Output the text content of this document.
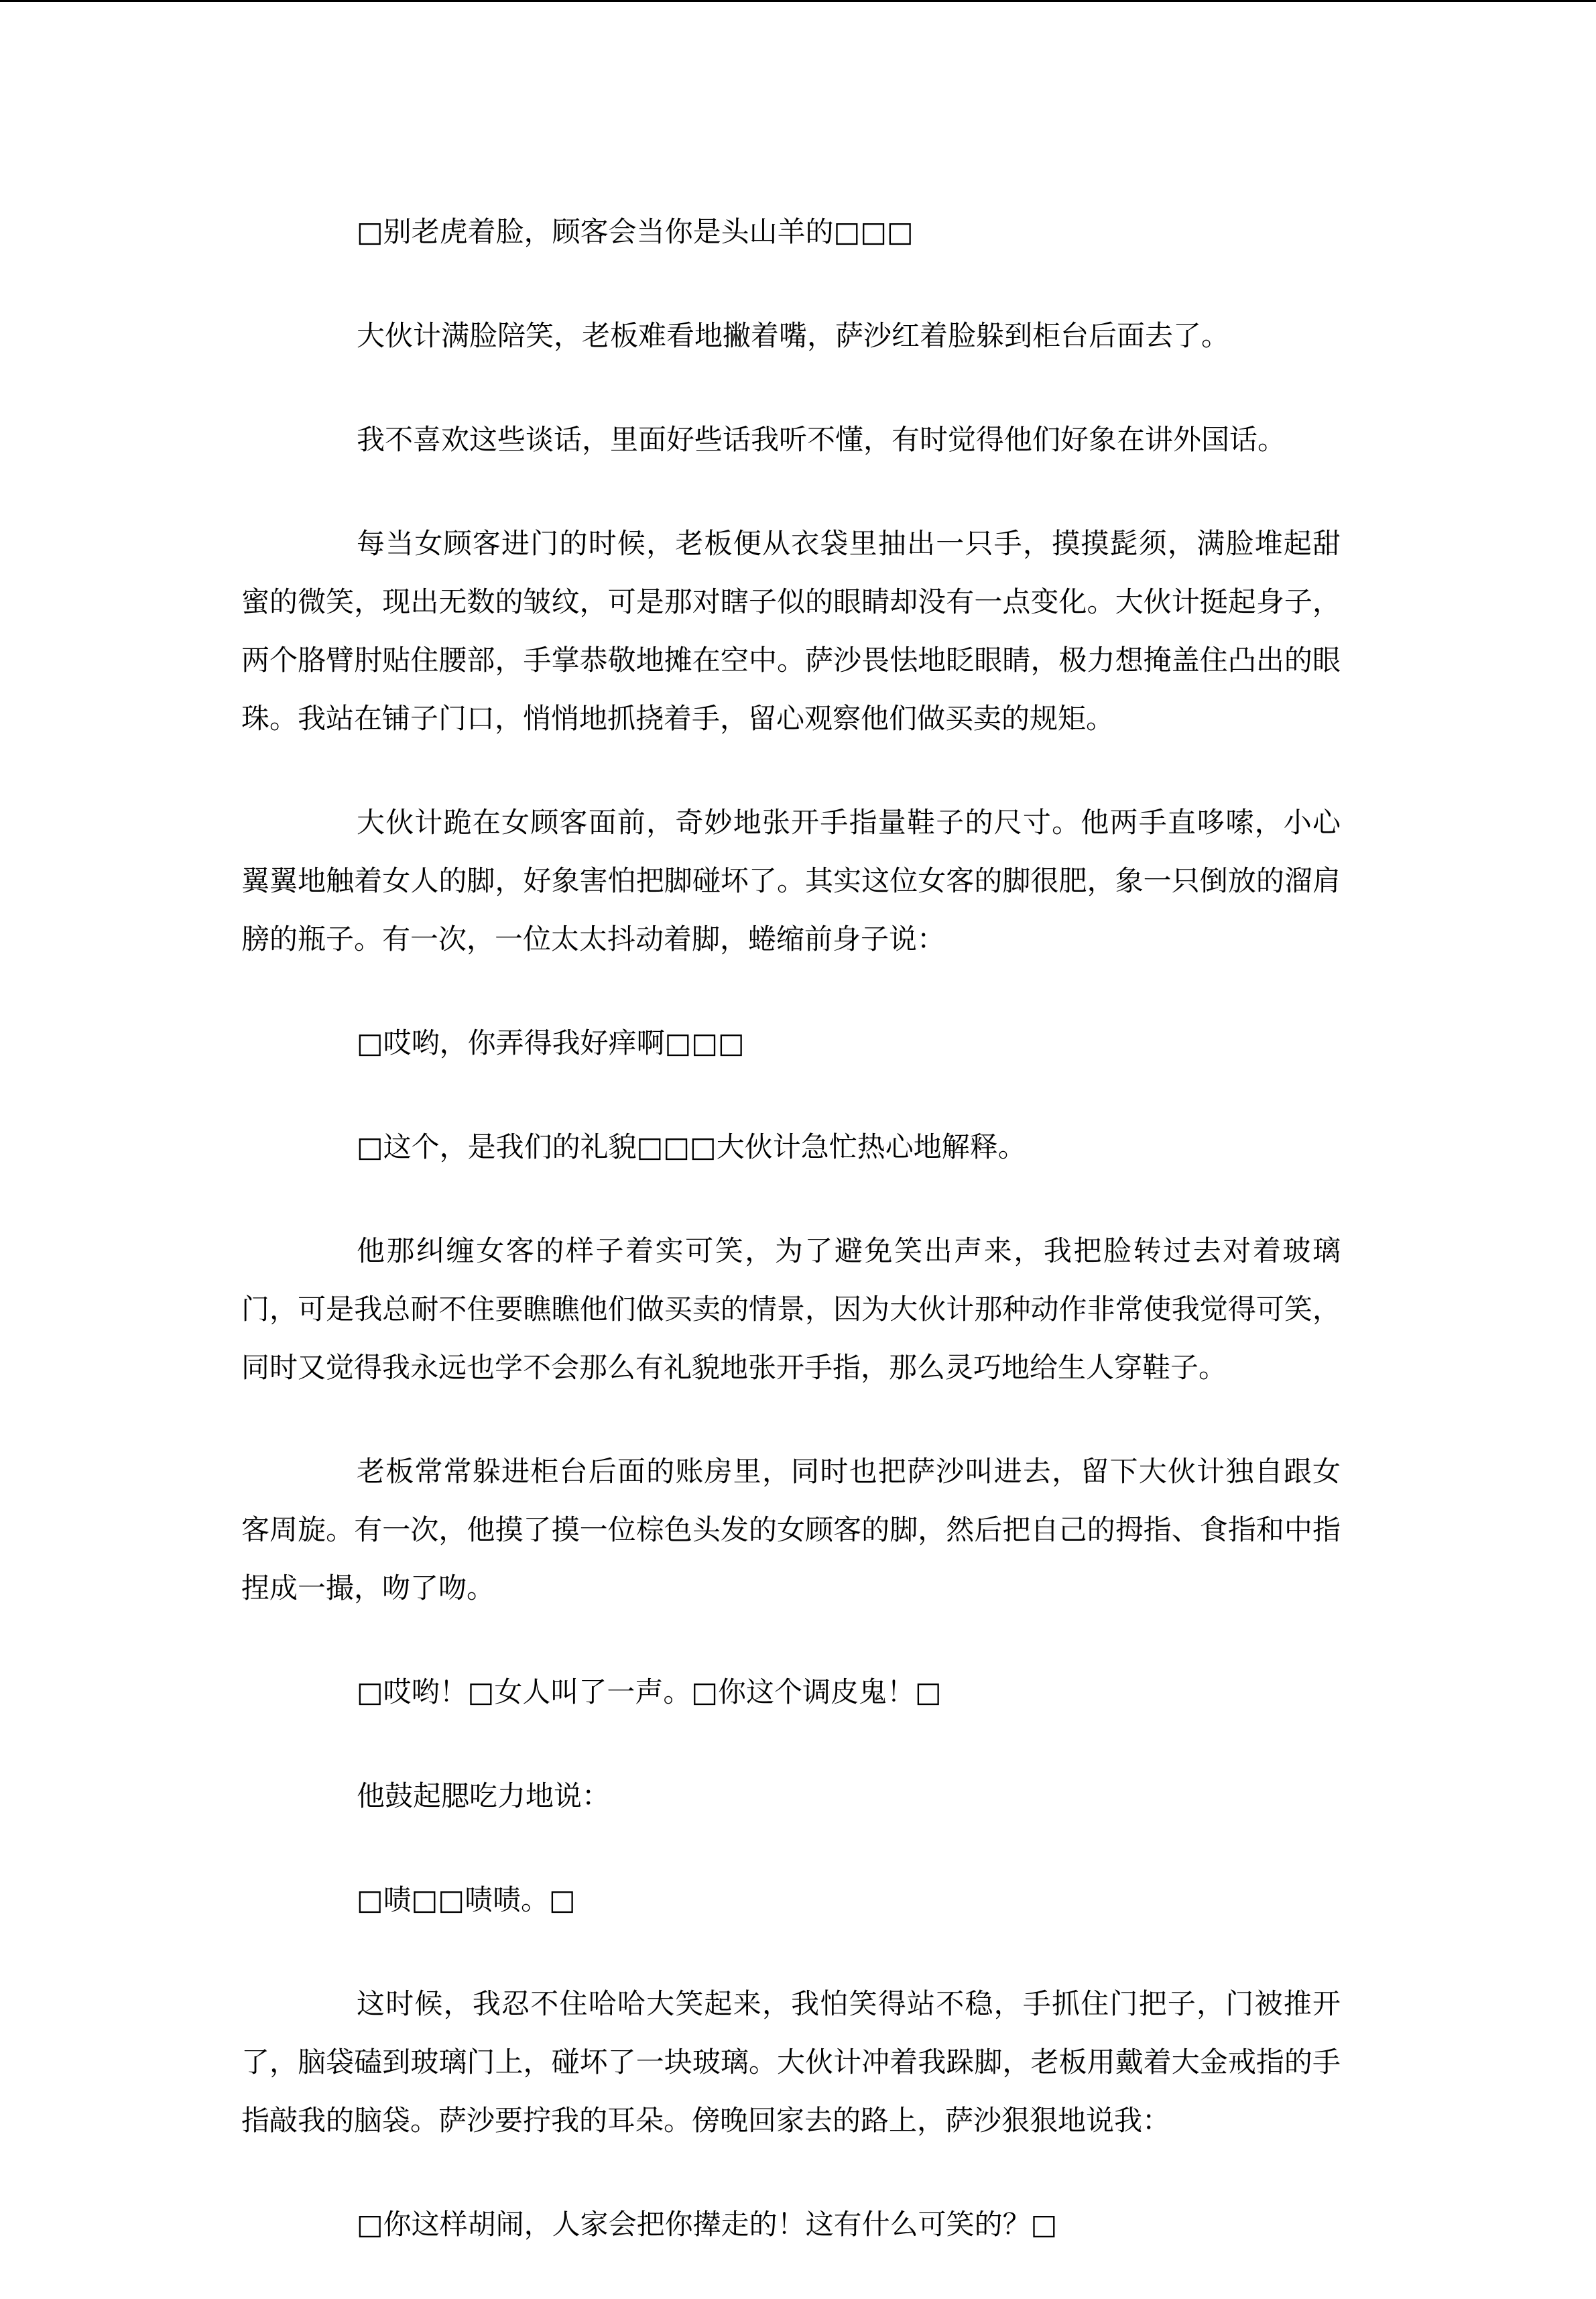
□别老虎着脸，顾客会当你是头山羊的□□□

大伙计满脸陪笑，老板难看地撇着嘴，萨沙红着脸躲到柜台后面去了。

我不喜欢这些谈话，里面好些话我听不懂，有时觉得他们好象在讲外国话。

每当女顾客进门的时候，老板便从衣袋里抽出一只手，摸摸髭须，满脸堆起甜蜜的微笑，现出无数的皱纹，可是那对瞎子似的眼睛却没有一点变化。大伙计挺起身子，两个胳臂肘贴住腰部，手掌恭敬地摊在空中。萨沙畏怯地眨眼睛，极力想掩盖住凸出的眼珠。我站在铺子门口，悄悄地抓挠着手，留心观察他们做买卖的规矩。

大伙计跪在女顾客面前，奇妙地张开手指量鞋子的尺寸。他两手直哆嗦，小心翼翼地触着女人的脚，好象害怕把脚碰坏了。其实这位女客的脚很肥，象一只倒放的溜肩膀的瓶子。有一次，一位太太抖动着脚，蜷缩前身子说：

□哎哟，你弄得我好痒啊□□□

□这个，是我们的礼貌□□□大伙计急忙热心地解释。

他那纠缠女客的样子着实可笑，为了避免笑出声来，我把脸转过去对着玻璃门，可是我总耐不住要瞧瞧他们做买卖的情景，因为大伙计那种动作非常使我觉得可笑，同时又觉得我永远也学不会那么有礼貌地张开手指，那么灵巧地给生人穿鞋子。

老板常常躲进柜台后面的账房里，同时也把萨沙叫进去，留下大伙计独自跟女客周旋。有一次，他摸了摸一位棕色头发的女顾客的脚，然后把自己的拇指、食指和中指捏成一撮，吻了吻。

□哎哟！□女人叫了一声。□你这个调皮鬼！□

他鼓起腮吃力地说：

□啧□□啧啧。□

这时候，我忍不住哈哈大笑起来，我怕笑得站不稳，手抓住门把子，门被推开了，脑袋磕到玻璃门上，碰坏了一块玻璃。大伙计冲着我跺脚，老板用戴着大金戒指的手指敲我的脑袋。萨沙要拧我的耳朵。傍晚回家去的路上，萨沙狠狠地说我：

□你这样胡闹，人家会把你撵走的！这有什么可笑的？□
